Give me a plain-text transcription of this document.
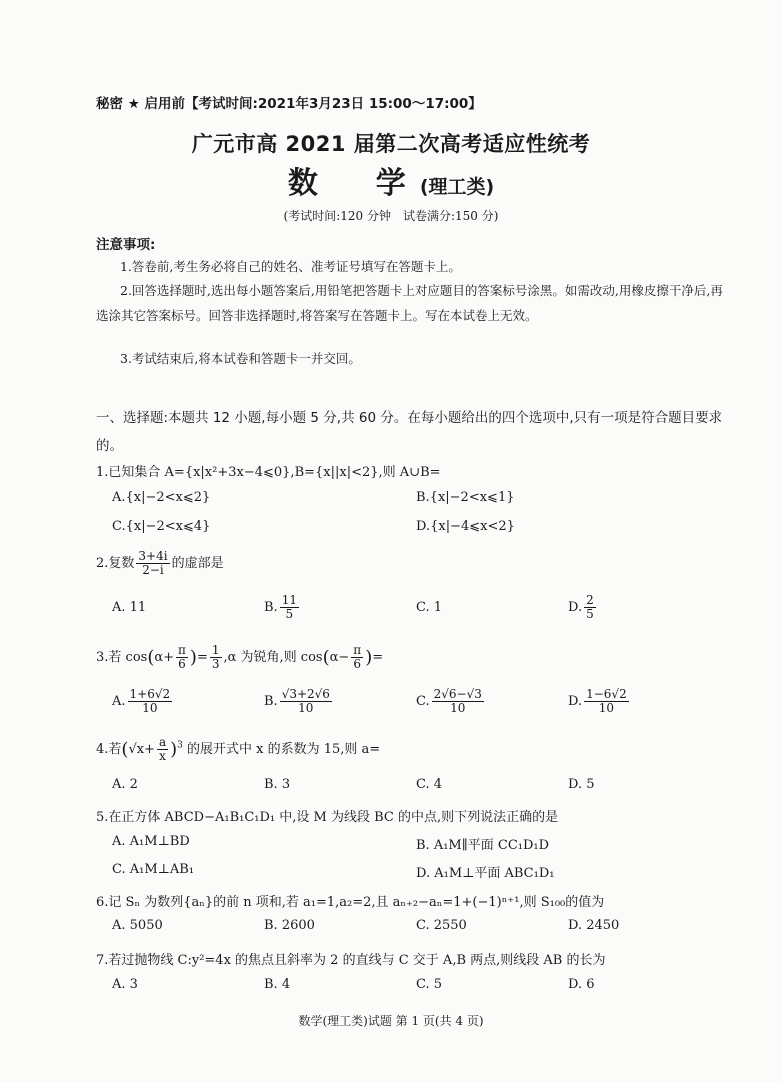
秘密 ★ 启用前【考试时间:2021年3月23日 15:00～17:00】
广元市高 2021 届第二次高考适应性统考
数　学(理工类)
(考试时间:120 分钟　试卷满分:150 分)
注意事项:
1.答卷前,考生务必将自己的姓名、准考证号填写在答题卡上。
2.回答选择题时,选出每小题答案后,用铅笔把答题卡上对应题目的答案标号涂黑。如需改动,用橡皮擦干净后,再选涂其它答案标号。回答非选择题时,将答案写在答题卡上。写在本试卷上无效。
3.考试结束后,将本试卷和答题卡一并交回。
一、选择题:本题共 12 小题,每小题 5 分,共 60 分。在每小题给出的四个选项中,只有一项是符合题目要求的。
1.已知集合 A={x|x²+3x−4⩽0},B={x||x|<2},则 A∪B=
A.{x|−2<x⩽2}	B.{x|−2<x⩽1}
C.{x|−2<x⩽4}	D.{x|−4⩽x<2}
2.复数 $\frac{3+4i}{2-i}$ 的虚部是
A. 11	B. $\frac{11}{5}$	C. 1	D. $\frac{2}{5}$
3.若 $\cos(\alpha+ \frac{\pi}{6}$ )= $\frac{1}{3} ,\alpha$ 为锐角,则 $\cos(\alpha- \frac{\pi}{6}$ )=
A. $\frac{1+6√2}{10}$	B. $\frac{√3+2√6}{10}$	C. $\frac{2√6-√3}{10}$	D. $\frac{1-6√2}{10}$
4.若$(√x+ \frac{a}{x} )^3$ 的展开式中 x 的系数为 15,则 a=
A. 2	B. 3	C. 4	D. 5
5.在正方体 ABCD−A₁B₁C₁D₁ 中,设 M 为线段 BC 的中点,则下列说法正确的是
A. A₁M⊥BD	B. A₁M∥平面 CC₁D₁D
C. A₁M⊥AB₁	D. A₁M⊥平面 ABC₁D₁
6.记 Sₙ 为数列{aₙ}的前 n 项和,若 a₁=1,a₂=2,且 aₙ₊₂−aₙ=1+(−1)ⁿ⁺¹,则 S₁₀₀的值为
A. 5050	B. 2600	C. 2550	D. 2450
7.若过抛物线 C:y²=4x 的焦点且斜率为 2 的直线与 C 交于 A,B 两点,则线段 AB 的长为
A. 3	B. 4	C. 5	D. 6
数学(理工类)试题 第 1 页(共 4 页)
